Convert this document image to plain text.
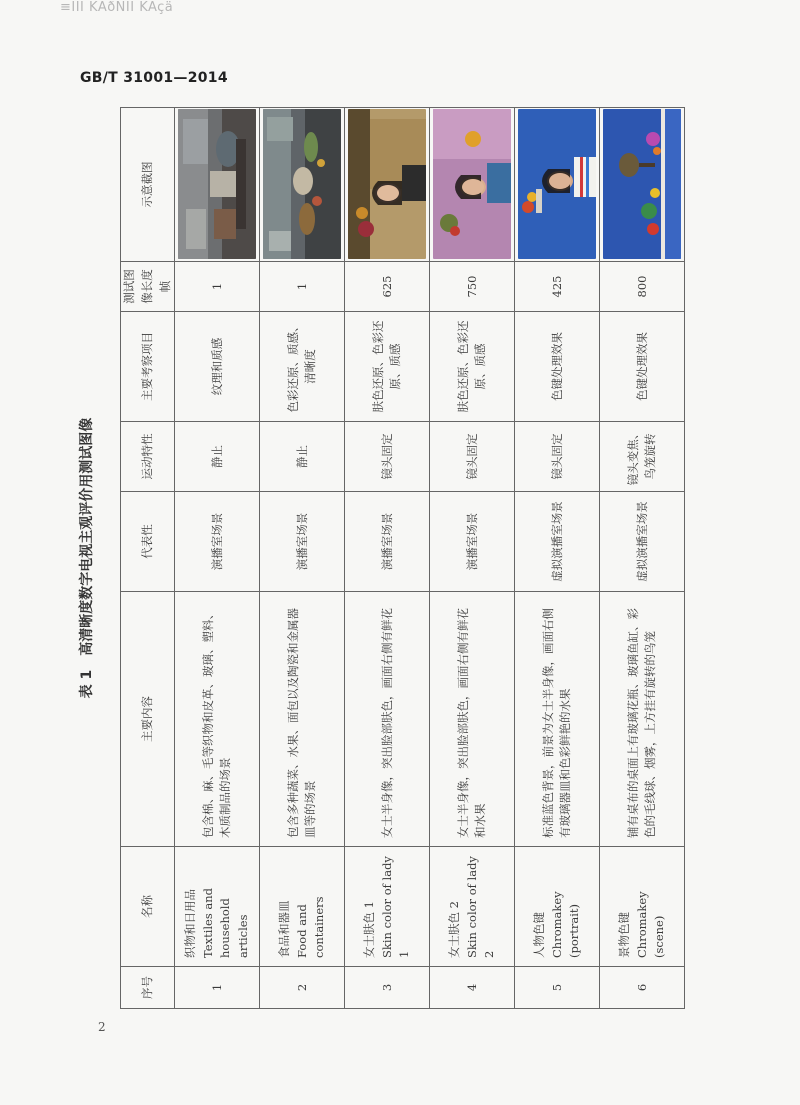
≡ΪΪΪ KAðNΪΪ KAçä
GB/T 31001—2014
表 1高清晰度数字电视主观评价用测试图像
序号	名称	主要内容	代表性	运动特性	主要考察项目	测试图像长度帧	示意截图
1	织物和日用品 Textiles and household articles	包含棉、麻、毛等织物和皮革、玻璃、塑料、木质制品的场景	演播室场景	静止	纹理和质感	1	

2	食品和器皿 Food and containers	包含多种蔬菜、水果、面包以及陶瓷和金属器皿等的场景	演播室场景	静止	色彩还原、质感、清晰度	1	

3	女士肤色 1 Skin color of lady 1	女士半身像，突出脸部肤色，画面右侧有鲜花	演播室场景	镜头固定	肤色还原、色彩还原、质感	625	

4	女士肤色 2 Skin color of lady 2	女士半身像，突出脸部肤色，画面右侧有鲜花和水果	演播室场景	镜头固定	肤色还原、色彩还原、质感	750	

5	人物色键 Chromakey (portrait)	标准蓝色背景，前景为女士半身像，画面右侧有玻璃器皿和色彩鲜艳的水果	虚拟演播室场景	镜头固定	色键处理效果	425	

6	景物色键 Chromakey (scene)	铺有桌布的桌面上有玻璃花瓶、玻璃鱼缸、彩色的毛线球、烟雾，上方挂有旋转的鸟笼	虚拟演播室场景	镜头变焦、鸟笼旋转	色键处理效果	800	
2
